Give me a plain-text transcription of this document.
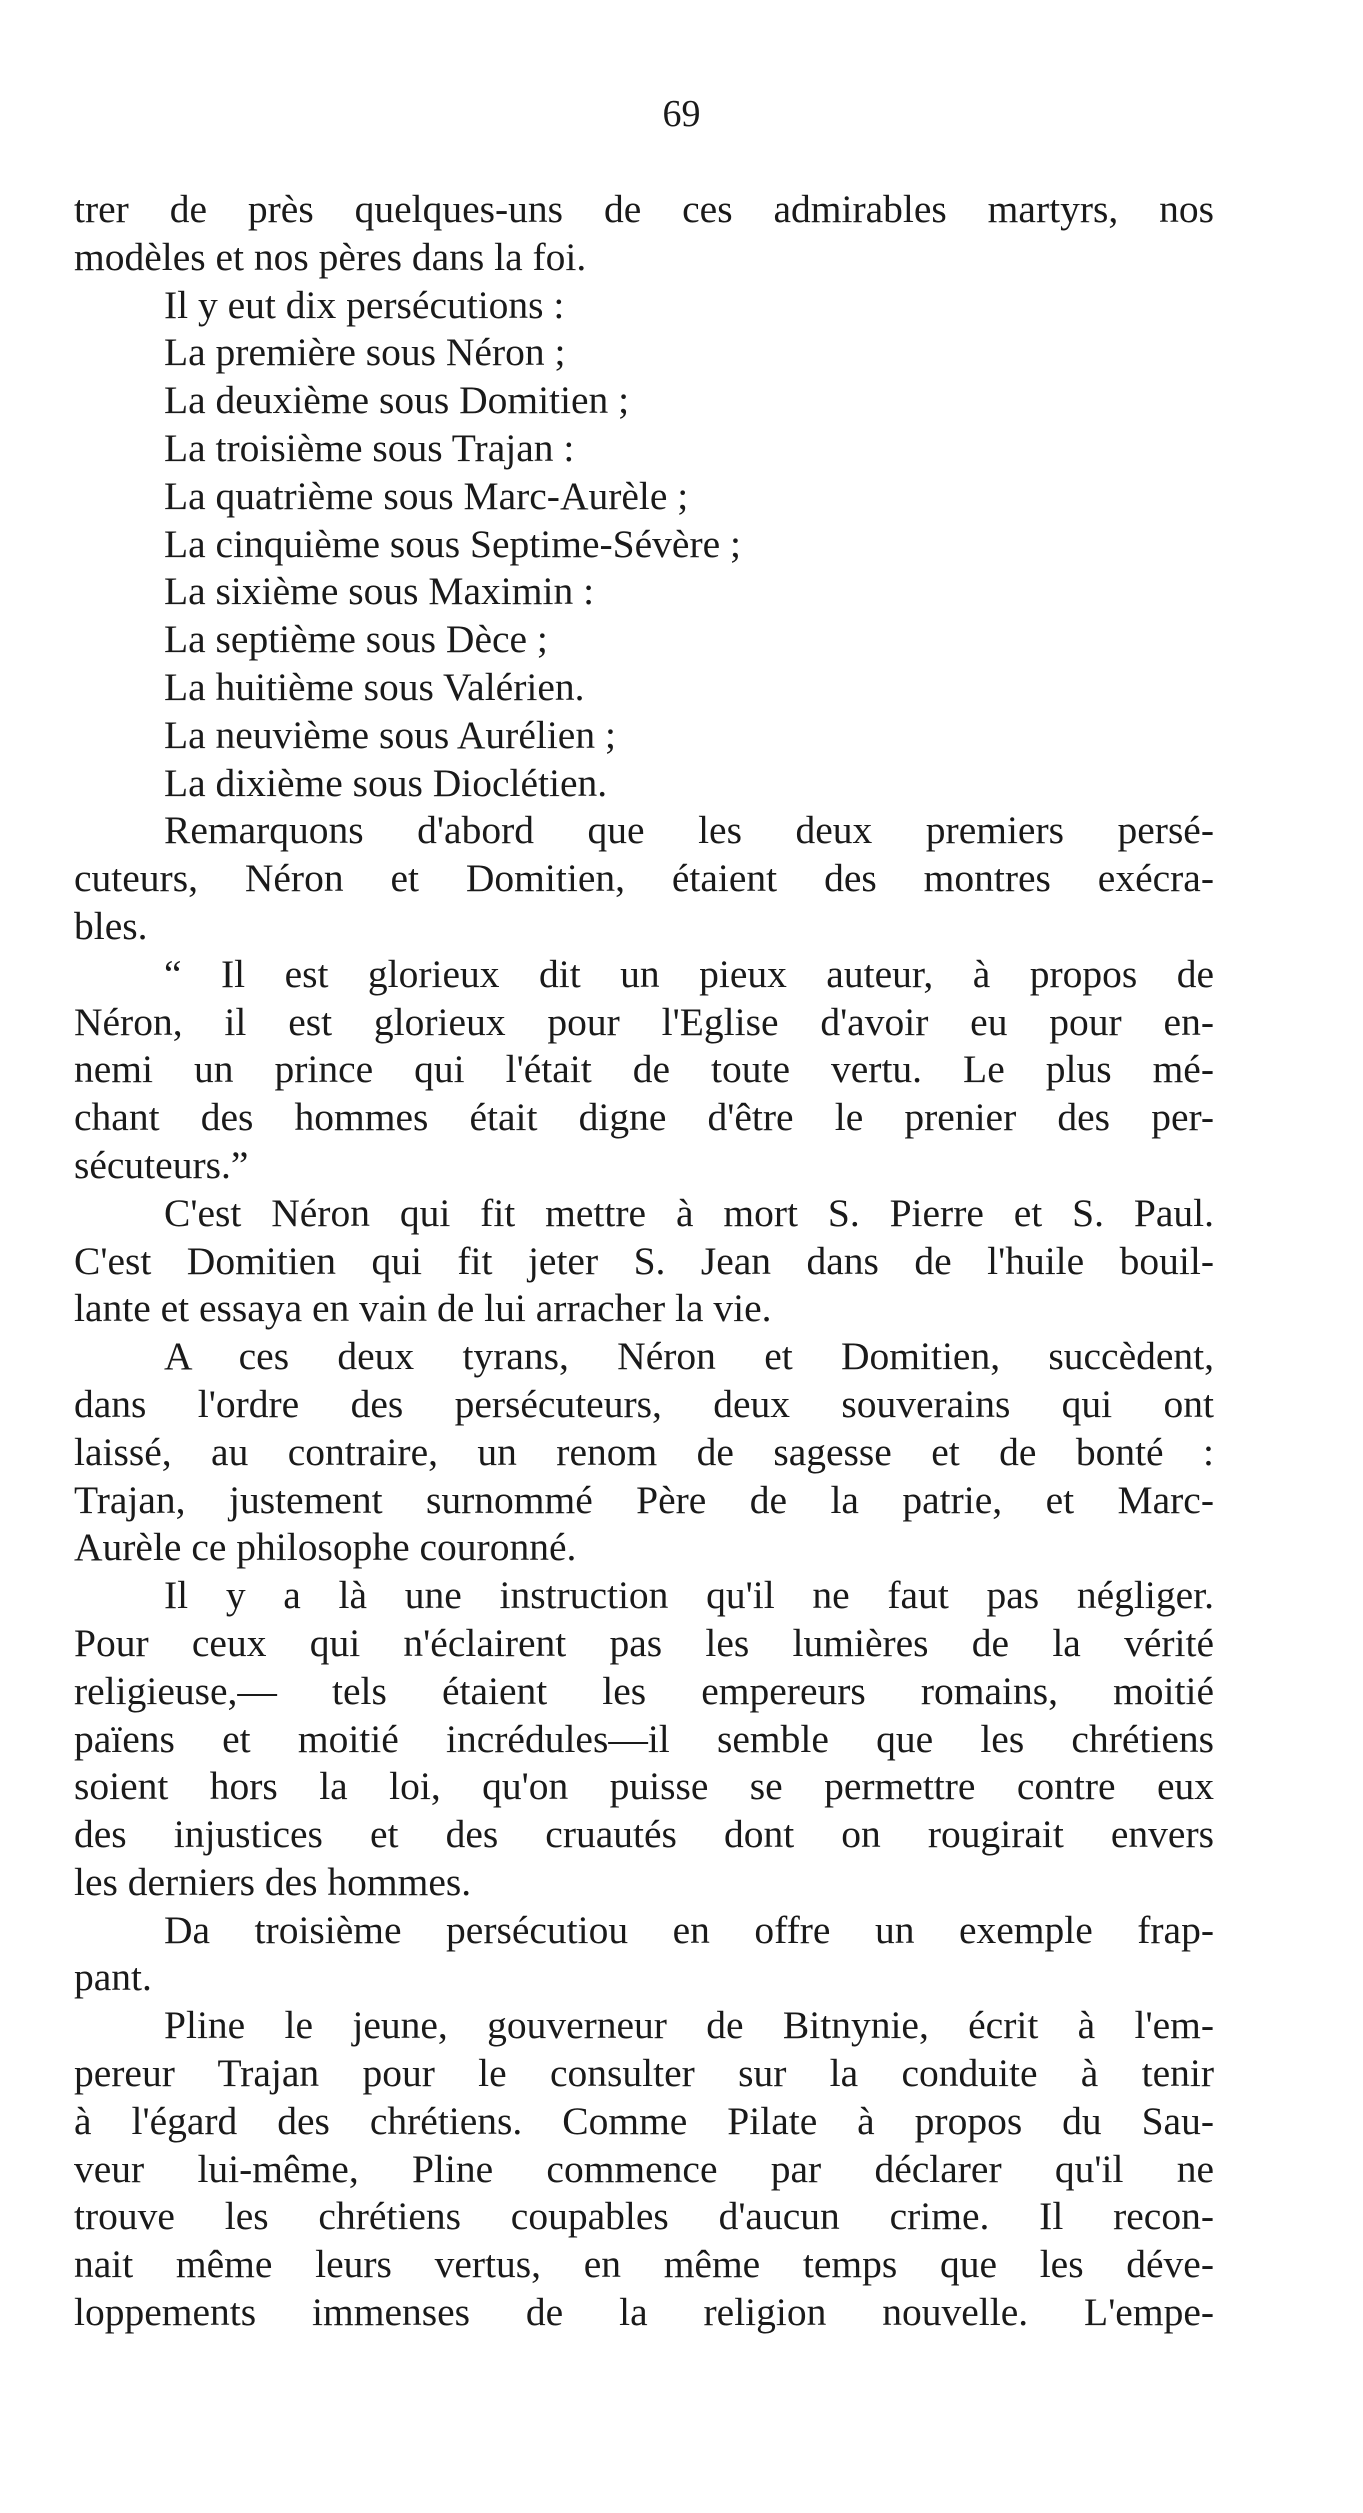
69
trer de près quelques-uns de ces admirables martyrs, nos
modèles et nos pères dans la foi.
Il y eut dix persécutions :
La première sous Néron ;
La deuxième sous Domitien ;
La troisième sous Trajan :
La quatrième sous Marc-Aurèle ;
La cinquième sous Septime-Sévère ;
La sixième sous Maximin :
La septième sous Dèce ;
La huitième sous Valérien.
La neuvième sous Aurélien ;
La dixième sous Dioclétien.
Remarquons d'abord que les deux premiers persé-
cuteurs, Néron et Domitien, étaient des montres exécra-
bles.
“ Il est glorieux dit un pieux auteur, à propos de
Néron, il est glorieux pour l'Eglise d'avoir eu pour en-
nemi un prince qui l'était de toute vertu. Le plus mé-
chant des hommes était digne d'être le prenier des per-
sécuteurs.”
C'est Néron qui fit mettre à mort S. Pierre et S. Paul.
C'est Domitien qui fit jeter S. Jean dans de l'huile bouil-
lante et essaya en vain de lui arracher la vie.
A ces deux tyrans, Néron et Domitien, succèdent,
dans l'ordre des persécuteurs, deux souverains qui ont
laissé, au contraire, un renom de sagesse et de bonté :
Trajan, justement surnommé Père de la patrie, et Marc-
Aurèle ce philosophe couronné.
Il y a là une instruction qu'il ne faut pas négliger.
Pour ceux qui n'éclairent pas les lumières de la vérité
religieuse,— tels étaient les empereurs romains, moitié
païens et moitié incrédules—il semble que les chrétiens
soient hors la loi, qu'on puisse se permettre contre eux
des injustices et des cruautés dont on rougirait envers
les derniers des hommes.
Da troisième persécutiou en offre un exemple frap-
pant.
Pline le jeune, gouverneur de Bitnynie, écrit à l'em-
pereur Trajan pour le consulter sur la conduite à tenir
à l'égard des chrétiens. Comme Pilate à propos du Sau-
veur lui-même, Pline commence par déclarer qu'il ne
trouve les chrétiens coupables d'aucun crime. Il recon-
nait même leurs vertus, en même temps que les déve-
loppements immenses de la religion nouvelle. L'empe-
